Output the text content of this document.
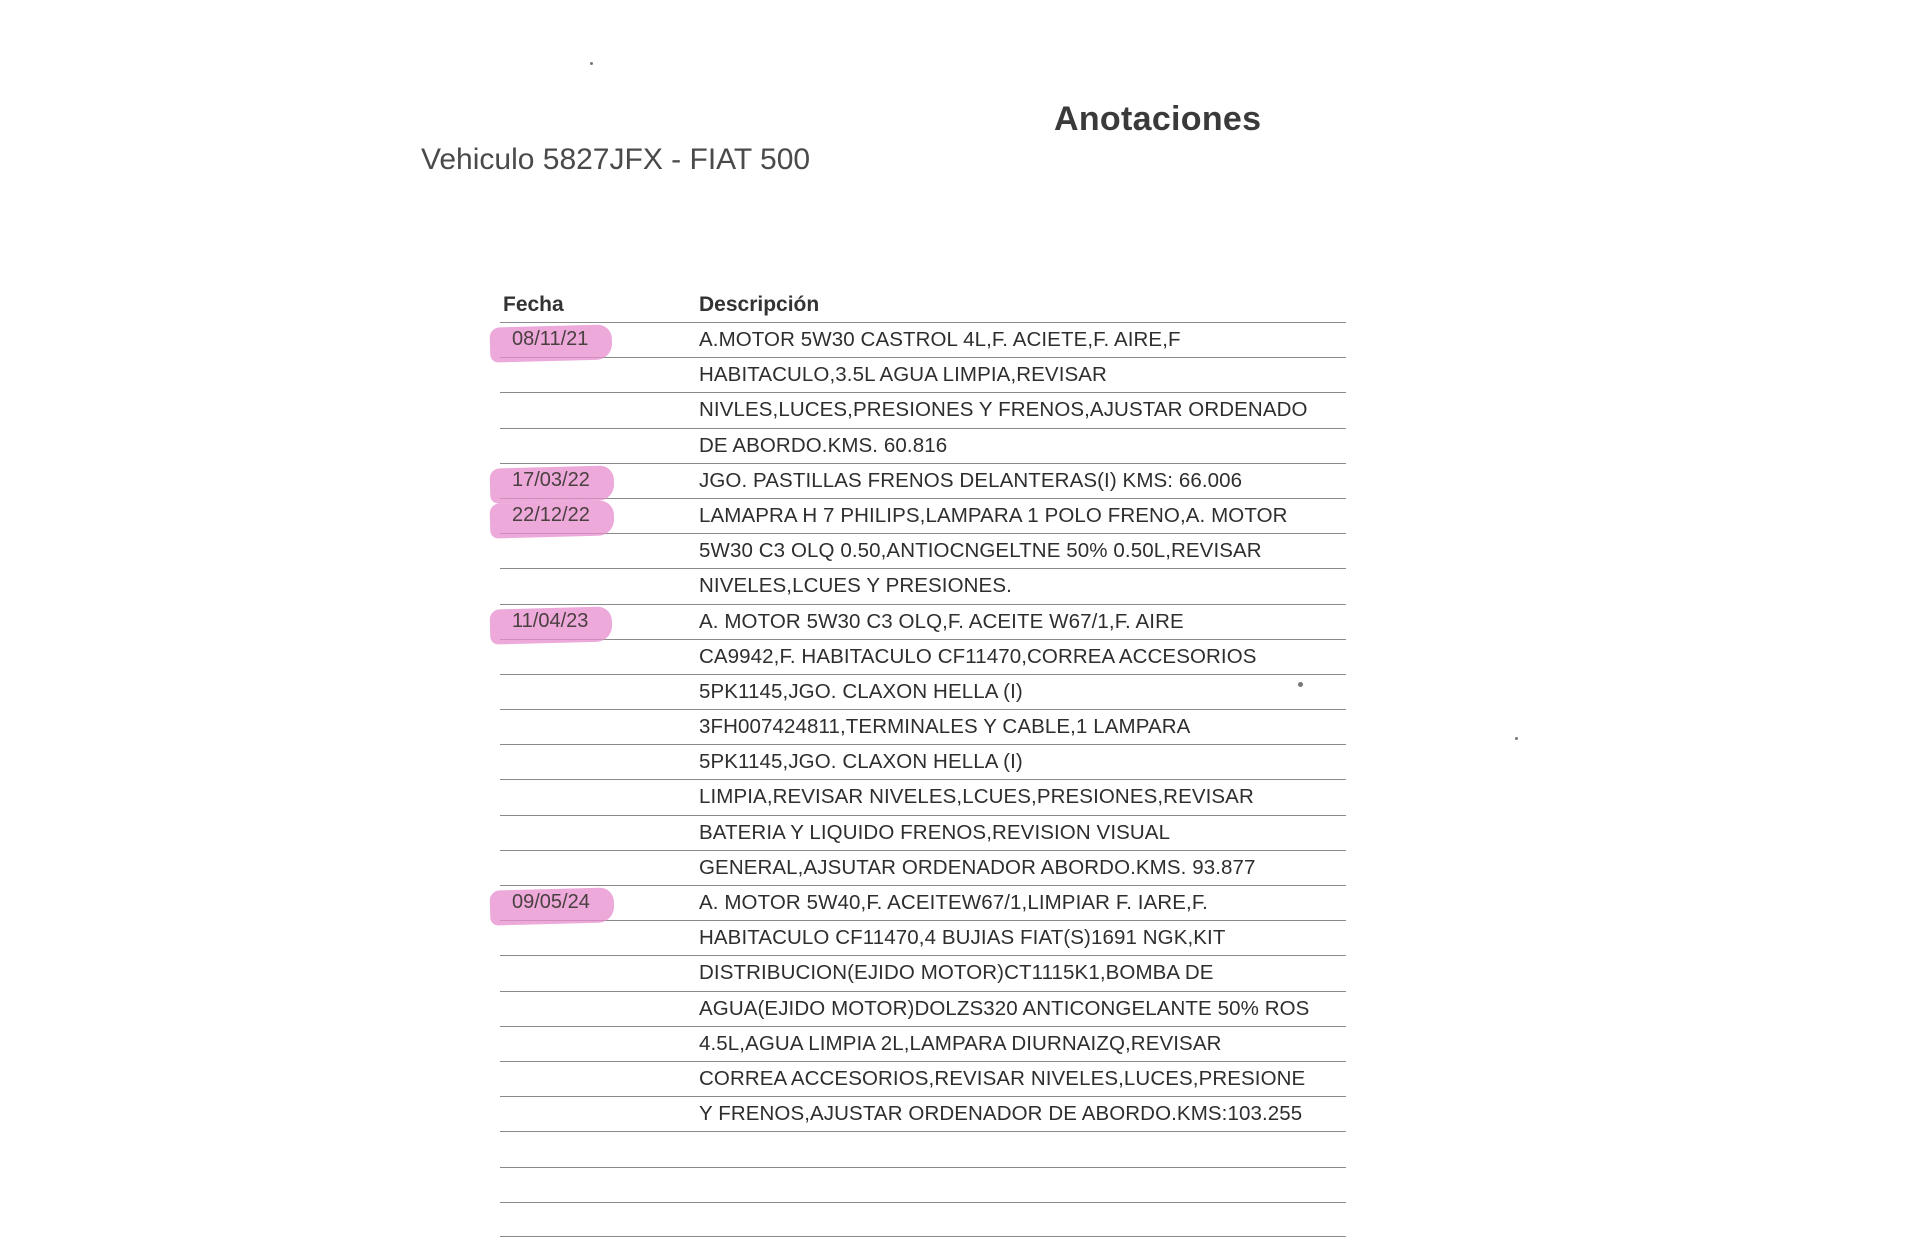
Anotaciones
Vehiculo 5827JFX - FIAT 500
Fecha	Descripción
08/11/21	A.MOTOR 5W30 CASTROL 4L,F. ACIETE,F. AIRE,F
HABITACULO,3.5L AGUA LIMPIA,REVISAR
NIVLES,LUCES,PRESIONES Y FRENOS,AJUSTAR ORDENADO
DE ABORDO.KMS. 60.816
17/03/22	JGO. PASTILLAS FRENOS DELANTERAS(I) KMS: 66.006
22/12/22	LAMAPRA H 7 PHILIPS,LAMPARA 1 POLO FRENO,A. MOTOR
5W30 C3 OLQ 0.50,ANTIOCNGELTNE 50% 0.50L,REVISAR
NIVELES,LCUES Y PRESIONES.
11/04/23	A. MOTOR 5W30 C3 OLQ,F. ACEITE W67/1,F. AIRE
CA9942,F. HABITACULO CF11470,CORREA ACCESORIOS
5PK1145,JGO. CLAXON HELLA (I)
3FH007424811,TERMINALES Y CABLE,1 LAMPARA
5PK1145,JGO. CLAXON HELLA (I)
LIMPIA,REVISAR NIVELES,LCUES,PRESIONES,REVISAR
BATERIA Y LIQUIDO FRENOS,REVISION VISUAL
GENERAL,AJSUTAR ORDENADOR ABORDO.KMS. 93.877
09/05/24	A. MOTOR 5W40,F. ACEITEW67/1,LIMPIAR F. IARE,F.
HABITACULO CF11470,4 BUJIAS FIAT(S)1691 NGK,KIT
DISTRIBUCION(EJIDO MOTOR)CT1115K1,BOMBA DE
AGUA(EJIDO MOTOR)DOLZS320 ANTICONGELANTE 50% ROS
4.5L,AGUA LIMPIA 2L,LAMPARA DIURNAIZQ,REVISAR
CORREA ACCESORIOS,REVISAR NIVELES,LUCES,PRESIONE
Y FRENOS,AJUSTAR ORDENADOR DE ABORDO.KMS:103.255
